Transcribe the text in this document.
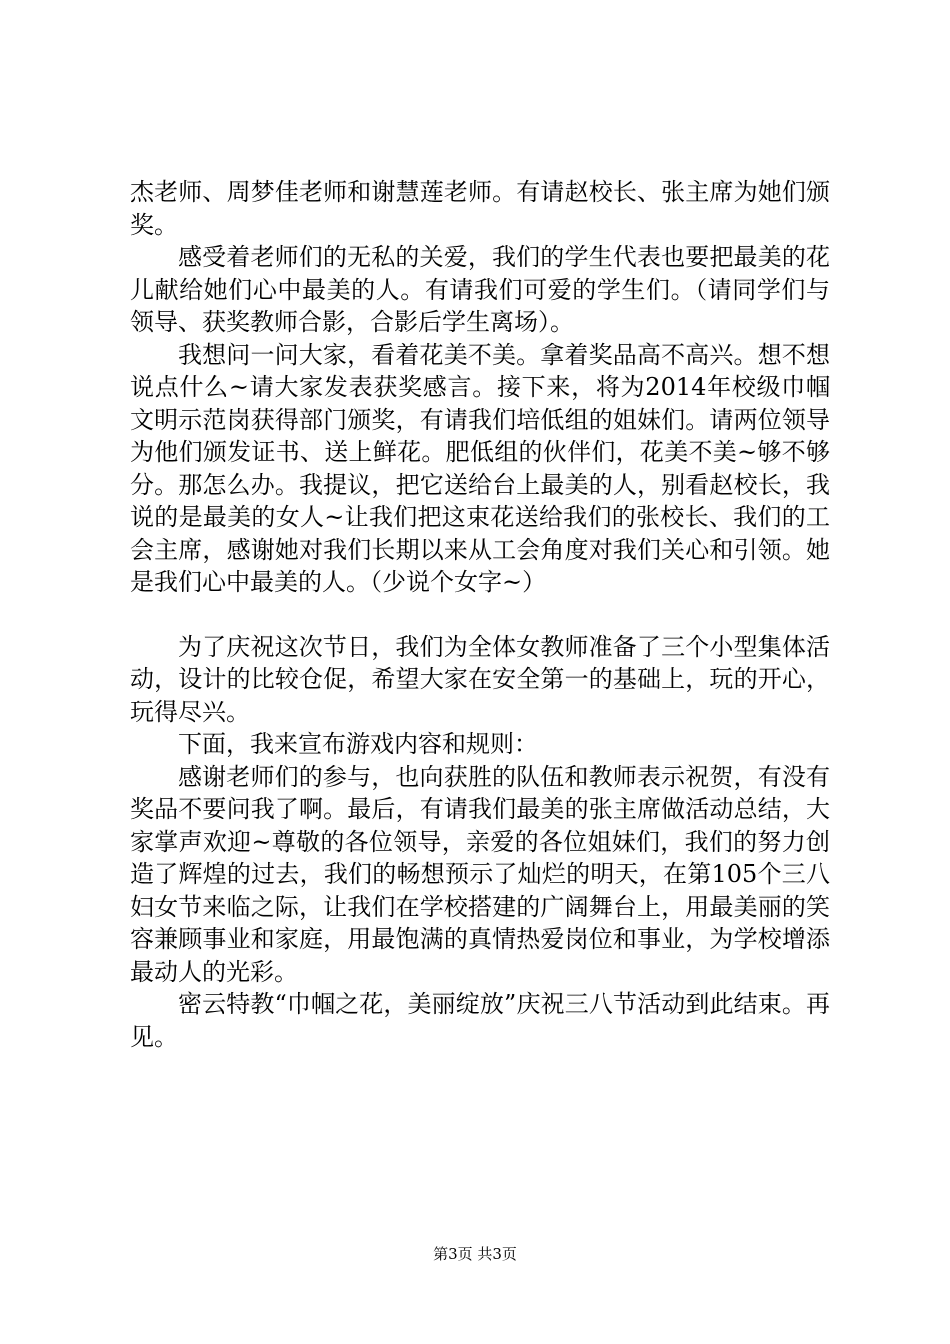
杰老师、周梦佳老师和谢慧莲老师。有请赵校长、张主席为她们颁奖。

感受着老师们的无私的关爱，我们的学生代表也要把最美的花儿献给她们心中最美的人。有请我们可爱的学生们。（请同学们与领导、获奖教师合影，合影后学生离场）。

我想问一问大家，看着花美不美。拿着奖品高不高兴。想不想说点什么~请大家发表获奖感言。接下来，将为2014年校级巾帼文明示范岗获得部门颁奖，有请我们培低组的姐妹们。请两位领导为他们颁发证书、送上鲜花。肥低组的伙伴们，花美不美~够不够分。那怎么办。我提议，把它送给台上最美的人，别看赵校长，我说的是最美的女人~让我们把这束花送给我们的张校长、我们的工会主席，感谢她对我们长期以来从工会角度对我们关心和引领。她是我们心中最美的人。（少说个女字~）

为了庆祝这次节日，我们为全体女教师准备了三个小型集体活动，设计的比较仓促，希望大家在安全第一的基础上，玩的开心，玩得尽兴。

下面，我来宣布游戏内容和规则：

感谢老师们的参与，也向获胜的队伍和教师表示祝贺，有没有奖品不要问我了啊。最后，有请我们最美的张主席做活动总结，大家掌声欢迎~尊敬的各位领导，亲爱的各位姐妹们，我们的努力创造了辉煌的过去，我们的畅想预示了灿烂的明天，在第105个三八妇女节来临之际，让我们在学校搭建的广阔舞台上，用最美丽的笑容兼顾事业和家庭，用最饱满的真情热爱岗位和事业，为学校增添最动人的光彩。

密云特教“巾帼之花，美丽绽放”庆祝三八节活动到此结束。再见。

第3页 共3页
